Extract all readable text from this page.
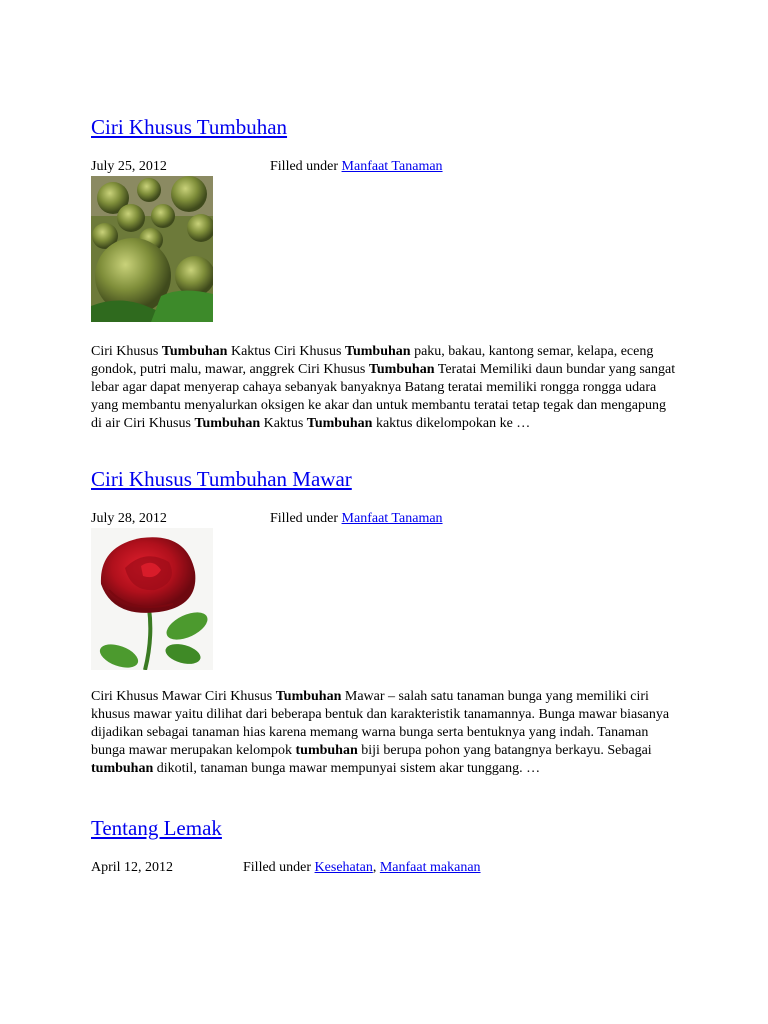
Ciri Khusus Tumbuhan
July 25, 2012	Filled under Manfaat Tanaman

Ciri Khusus Tumbuhan Kaktus Ciri Khusus Tumbuhan paku, bakau, kantong semar, kelapa, eceng gondok, putri malu, mawar, anggrek Ciri Khusus Tumbuhan Teratai Memiliki daun bundar yang sangat lebar agar dapat menyerap cahaya sebanyak banyaknya Batang teratai memiliki rongga rongga udara yang membantu menyalurkan oksigen ke akar dan untuk membantu teratai tetap tegak dan mengapung di air Ciri Khusus Tumbuhan Kaktus Tumbuhan kaktus dikelompokan ke …

Ciri Khusus Tumbuhan Mawar
July 28, 2012	Filled under Manfaat Tanaman

Ciri Khusus Mawar Ciri Khusus Tumbuhan Mawar – salah satu tanaman bunga yang memiliki ciri khusus mawar yaitu dilihat dari beberapa bentuk dan karakteristik tanamannya. Bunga mawar biasanya dijadikan sebagai tanaman hias karena memang warna bunga serta bentuknya yang indah. Tanaman bunga mawar merupakan kelompok tumbuhan biji berupa pohon yang batangnya berkayu. Sebagai tumbuhan dikotil, tanaman bunga mawar mempunyai sistem akar tunggang. …

Tentang Lemak
April 12, 2012	Filled under Kesehatan, Manfaat makanan
